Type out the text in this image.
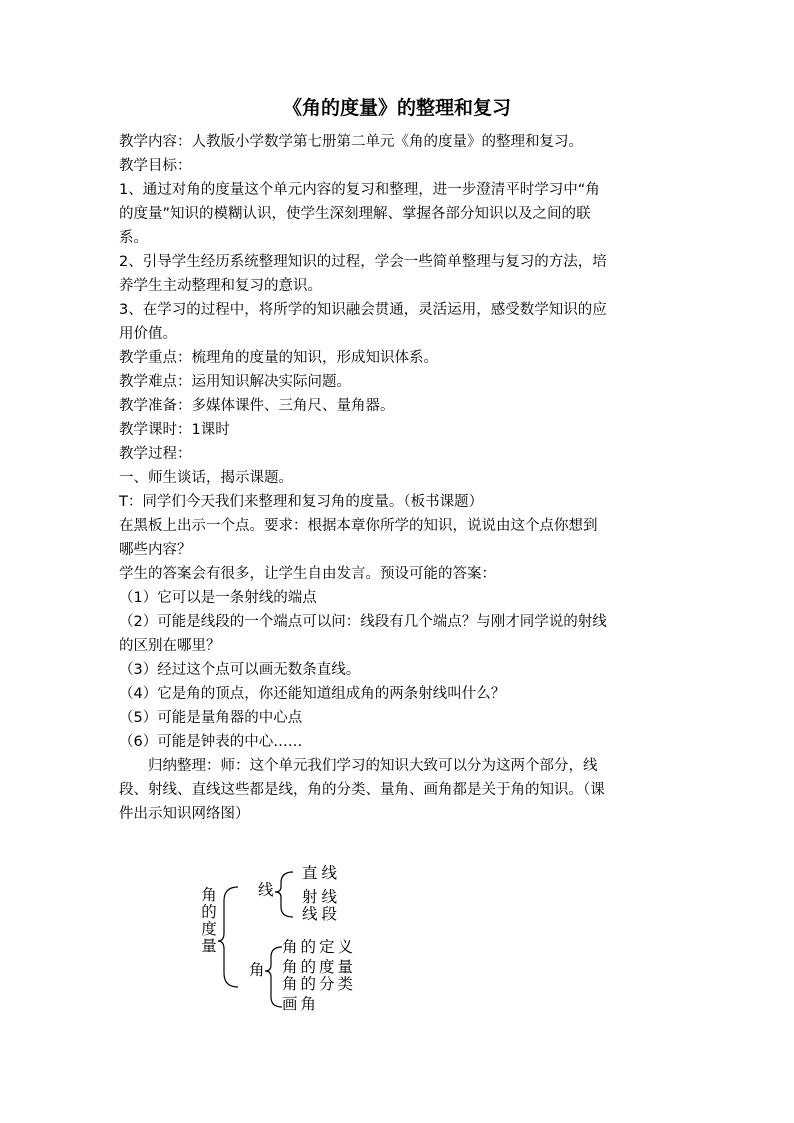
《角的度量》的整理和复习

教学内容：人教版小学数学第七册第二单元《角的度量》的整理和复习。

教学目标：

1、通过对角的度量这个单元内容的复习和整理，进一步澄清平时学习中“角的度量”知识的模糊认识，使学生深刻理解、掌握各部分知识以及之间的联系。

2、引导学生经历系统整理知识的过程，学会一些简单整理与复习的方法，培养学生主动整理和复习的意识。

3、在学习的过程中，将所学的知识融会贯通，灵活运用，感受数学知识的应用价值。

教学重点：梳理角的度量的知识，形成知识体系。

教学难点：运用知识解决实际问题。

教学准备：多媒体课件、三角尺、量角器。

教学课时：1课时

教学过程：

一、师生谈话，揭示课题。

T：同学们今天我们来整理和复习角的度量。（板书课题）

在黑板上出示一个点。要求：根据本章你所学的知识，说说由这个点你想到哪些内容？

学生的答案会有很多，让学生自由发言。预设可能的答案：

（1）它可以是一条射线的端点

（2）可能是线段的一个端点可以问：线段有几个端点？与刚才同学说的射线的区别在哪里？

（3）经过这个点可以画无数条直线。

（4）它是角的顶点，你还能知道组成角的两条射线叫什么？

（5）可能是量角器的中心点

（6）可能是钟表的中心……

归纳整理：师：这个单元我们学习的知识大致可以分为这两个部分，线段、射线、直线这些都是线，角的分类、量角、画角都是关于角的知识。（课件出示知识网络图）

角
的
度
量
线
直线
射线
线段
角
角的定义
角的度量
角的分类
画角
